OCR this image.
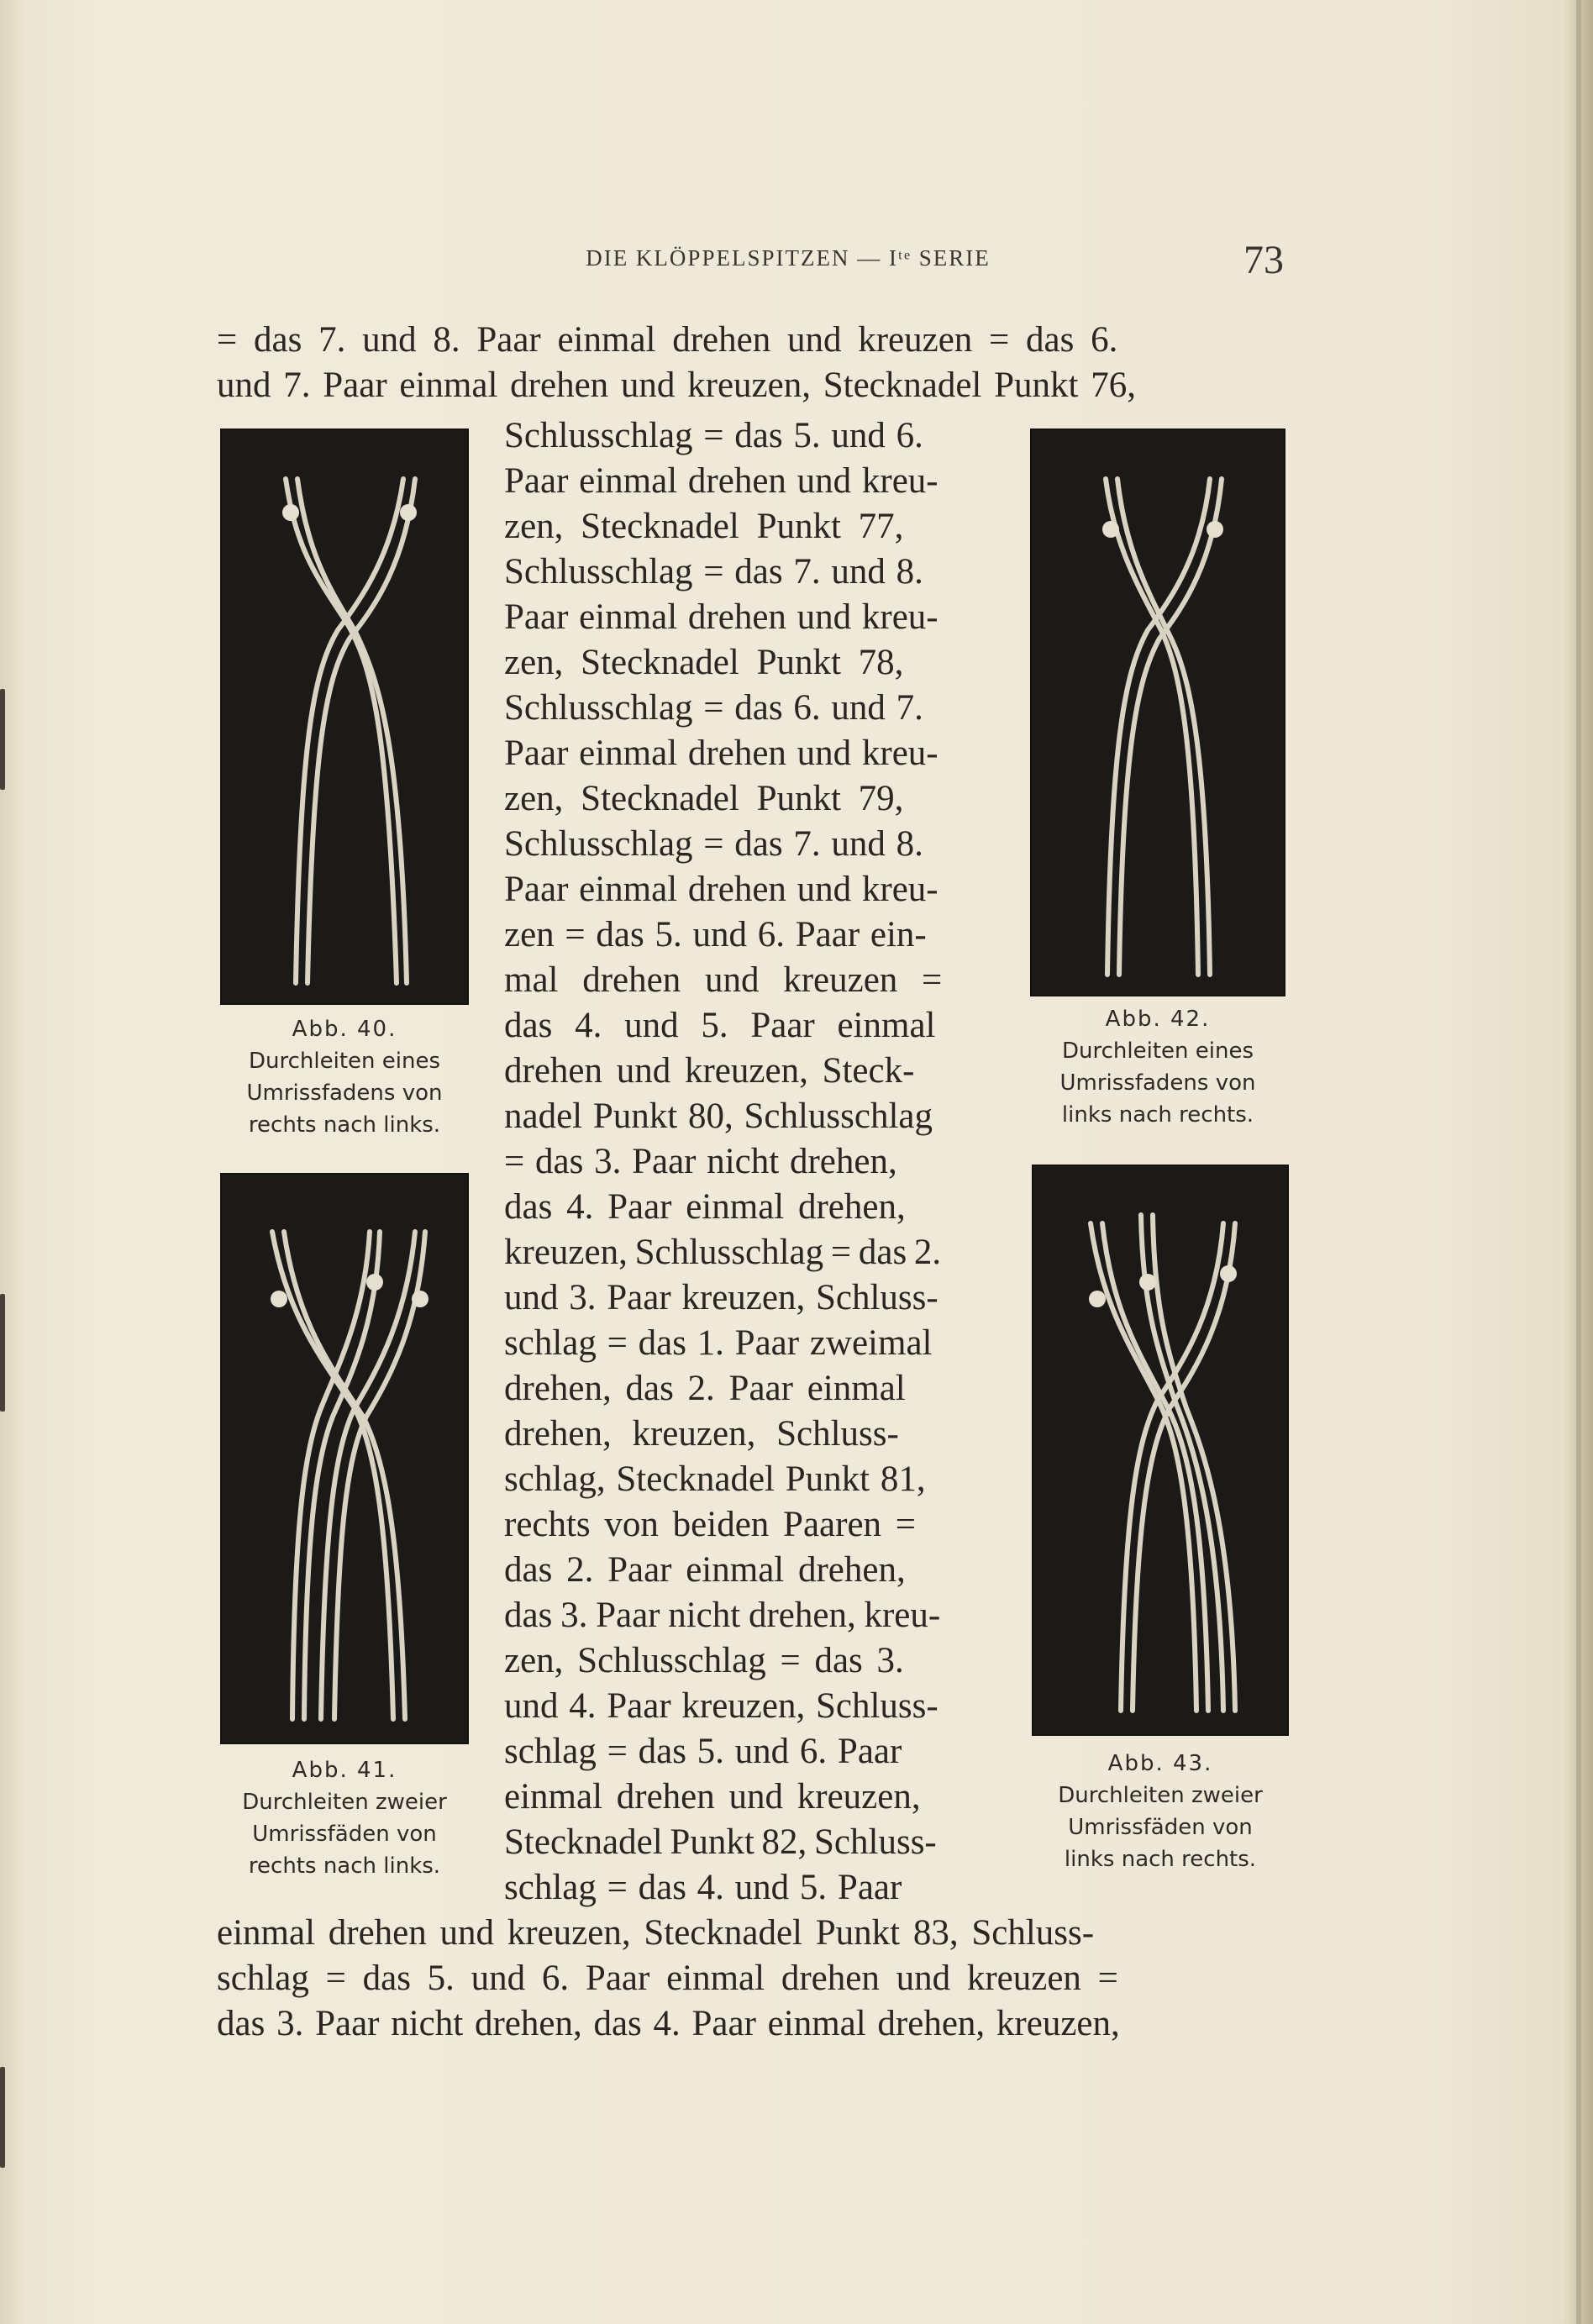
DIE KLÖPPELSPITZEN — Iᵗᵉ SERIE	73

= das 7. und 8. Paar einmal drehen und kreuzen = das 6.

und 7. Paar einmal drehen und kreuzen, Stecknadel Punkt 76,

Schlusschlag = das 5. und 6.

Paar einmal drehen und kreu-

zen, Stecknadel Punkt 77,

Schlusschlag = das 7. und 8.

Paar einmal drehen und kreu-

zen, Stecknadel Punkt 78,

Schlusschlag = das 6. und 7.

Paar einmal drehen und kreu-

zen, Stecknadel Punkt 79,

Schlusschlag = das 7. und 8.

Paar einmal drehen und kreu-

zen = das 5. und 6. Paar ein-

mal drehen und kreuzen =

das 4. und 5. Paar einmal

drehen und kreuzen, Steck-

nadel Punkt 80, Schlusschlag

= das 3. Paar nicht drehen,

das 4. Paar einmal drehen,

kreuzen, Schlusschlag = das 2.

und 3. Paar kreuzen, Schluss-

schlag = das 1. Paar zweimal

drehen, das 2. Paar einmal

drehen, kreuzen, Schluss-

schlag, Stecknadel Punkt 81,

rechts von beiden Paaren =

das 2. Paar einmal drehen,

das 3. Paar nicht drehen, kreu-

zen, Schlusschlag = das 3.

und 4. Paar kreuzen, Schluss-

schlag = das 5. und 6. Paar

einmal drehen und kreuzen,

Stecknadel Punkt 82, Schluss-

schlag = das 4. und 5. Paar

einmal drehen und kreuzen, Stecknadel Punkt 83, Schluss-

schlag = das 5. und 6. Paar einmal drehen und kreuzen =

das 3. Paar nicht drehen, das 4. Paar einmal drehen, kreuzen,

Abb. 40.
Durchleiten eines
Umrissfadens von
rechts nach links.
Abb. 41.
Durchleiten zweier
Umrissfäden von
rechts nach links.
Abb. 42.
Durchleiten eines
Umrissfadens von
links nach rechts.
Abb. 43.
Durchleiten zweier
Umrissfäden von
links nach rechts.
